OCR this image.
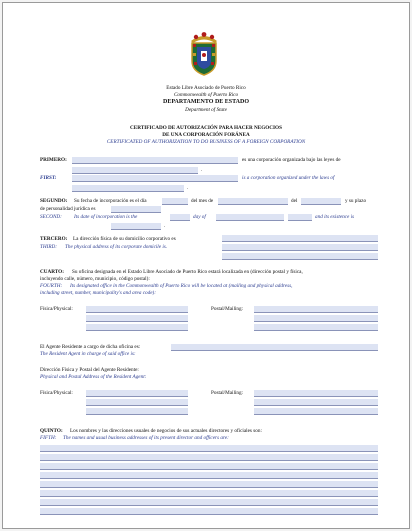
Estado Libre Asociado de Puerto Rico
Commonwealth of Puerto Rico
DEPARTAMENTO DE ESTADO
Department of State
CERTIFICADO DE AUTORIZACIÓN PARA HACER NEGOCIOS
DE UNA CORPORACIÓN FORÁNEA
CERTIFICATED OF AUTHORIZATION TO DO BUSINESS OF A FOREIGN CORPORATION
PRIMERO:	es una corporación organizada bajo las leyes de
.
FIRST:	is a corporation organized under the laws of
.
SEGUNDO: Su fecha de incorporación es el día	del mes de	del	y su plazo
de personalidad jurídica es
SECOND: Its date of incorporation is the	day of	and its existence is
.
TERCERO: La dirección física de su domicilio corporativo es
THIRD: The physical address of its corporate domicile is.
CUARTO: Su oficina designada en el Estado Libre Asociado de Puerto Rico estará localizada en (dirección postal y física,
incluyendo calle, número, municipio, código postal):
FOURTH: Its designated office in the Commonwealth of Puerto Rico will be located at (mailing and physical address,
including street, number, municipality's and area code):
Física/Physical:	Postal/Mailing:
El Agente Residente a cargo de dicha oficina es:
The Resident Agent in charge of said office is:
Dirección Física y Postal del Agente Residente:
Physical and Postal Address of the Resident Agent:
Física/Physical:	Postal/Mailing:
QUINTO: Los nombres y las direcciones usuales de negocios de sus actuales directores y oficiales son:
FIFTH: The names and usual business addresses of its present director and officers are:
